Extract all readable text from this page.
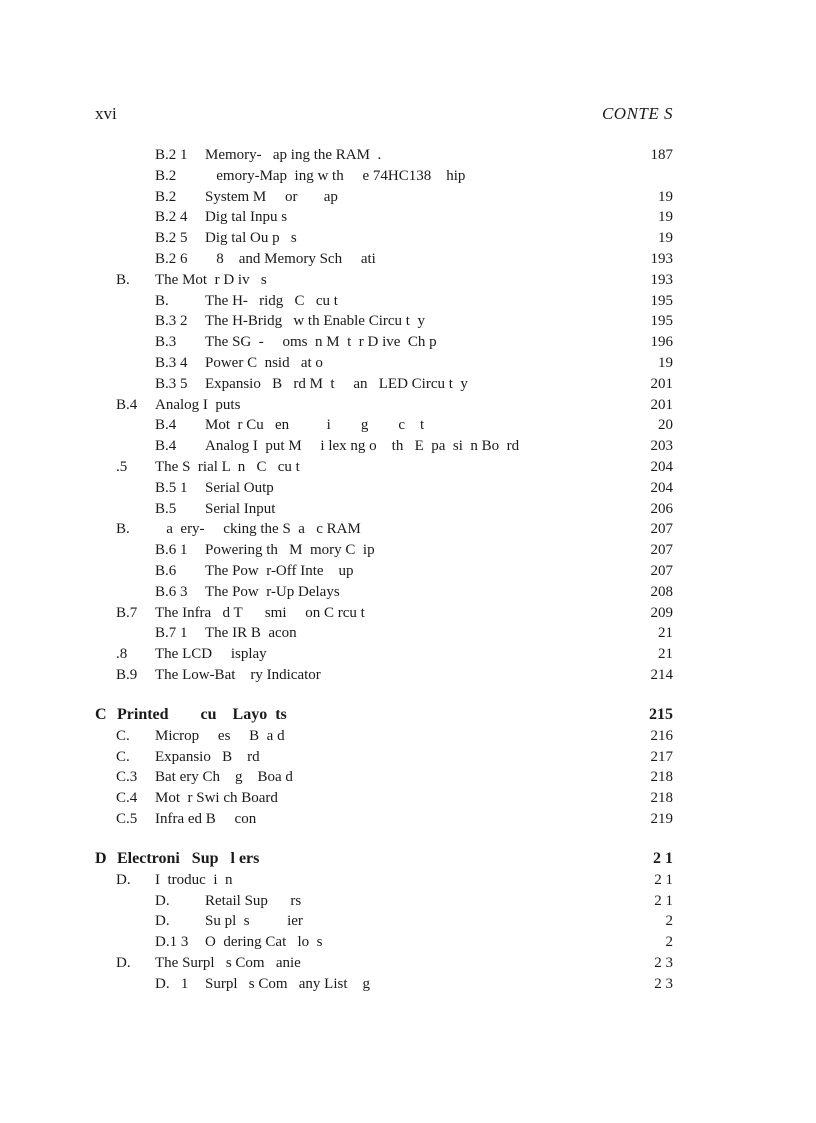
xvi	CONTE S
B.2 1 Memory-   ap ing the RAM  .	187
B.2 emory-Map  ing w th     e 74HC138    hip
B.2 System M     or       ap	19
B.2 4 Dig tal Inpu s	19
B.2 5 Dig tal Ou p   s	19
B.2 6 8    and Memory Sch     ati	193
B. The Mot  r D iv   s	193
B. The H-   ridg   C   cu t	195
B.3 2 The H-Bridg   w th Enable Circu t  y	195
B.3 The SG  -     oms  n M  t  r D ive  Ch p	196
B.3 4 Power C  nsid   at o	19
B.3 5 Expansio   B   rd M  t     an   LED Circu t  y	201
B.4 Analog I  puts	201
B.4 Mot  r Cu   en          i        g        c    t	20
B.4 Analog I  put M     i lex ng o    th   E  pa  si  n Bo  rd	203
.5 The S  rial L  n   C   cu t	204
B.5 1 Serial Outp	204
B.5 Serial Input	206
B. a  ery-     cking the S  a   c RAM	207
B.6 1 Powering th   M  mory C  ip	207
B.6 The Pow  r-Off Inte    up	207
B.6 3 The Pow  r-Up Delays	208
B.7 The Infra   d T      smi     on C rcu t	209
B.7 1 The IR B  acon	21
.8 The LCD     isplay	21
B.9 The Low-Bat    ry Indicator	214
C Printed        cu    Layo  ts	215
C. Microp     es     B  a d	216
C. Expansio   B    rd	217
C.3 Bat ery Ch    g    Boa d	218
C.4 Mot  r Swi ch Board	218
C.5 Infra ed B     con	219
D Electroni   Sup   l ers	2 1
D. I  troduc  i  n	2 1
D. Retail Sup      rs	2 1
D. Su pl  s          ier	2
D.1 3 O  dering Cat   lo  s	2
D. The Surpl   s Com   anie	2 3
D.   1 Surpl   s Com   any List    g	2 3
